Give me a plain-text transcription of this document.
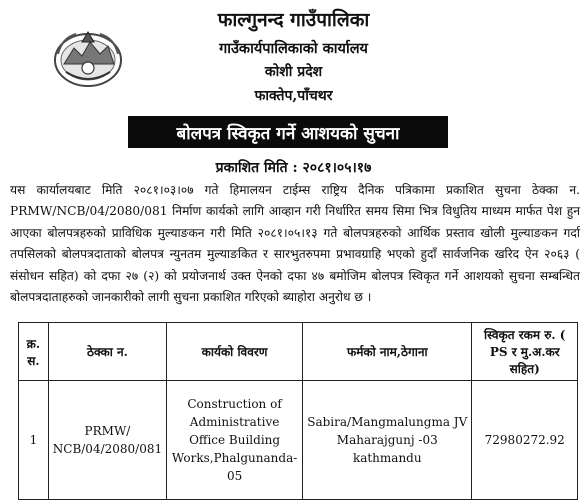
फाल्गुनन्द गाउँपालिका
गाउँकार्यपालिकाको कार्यालय
कोशी प्रदेश
फाक्तेप,पाँचथर
बोलपत्र स्विकृत गर्ने आशयको सुचना
प्रकाशित मिति : २०८१।०५।१७

यस कार्यालयबाट मिति २०८१।०३।०७ गते हिमालयन टाईम्स राष्ट्रिय दैनिक पत्रिकामा प्रकाशित सुचना ठेक्का न. PRMW/NCB/04/2080/081 निर्माण कार्यको लागि आव्हान गरी निर्धारित समय सिमा भित्र विधुतिय माध्यम मार्फत पेश हुन आएका बोलपत्रहरुको प्राविधिक मुल्याङकन गरी मिति २०८१।०५।१३ गते बोलपत्रहरुको आर्थिक प्रस्ताव खोली मुल्याङकन गर्दा तपसिलको बोलपत्रदाताको बोलपत्र न्युनतम मुल्याङकित र सारभुतरुपमा प्रभावग्राहि भएको हुदाँ सार्वजनिक खरिद ऐन २०६३ ( संसोधन सहित) को दफा २७ (२) को प्रयोजनार्थ उक्त ऐनको दफा ४७ बमोजिम बोलपत्र स्विकृत गर्ने आशयको सुचना सम्बन्धित बोलपत्रदाताहरुको जानकारीको लागी सुचना प्रकाशित गरिएको ब्याहोरा अनुरोध छ ।

क्र. स.	ठेक्का न.	कार्यको विवरण	फर्मको नाम,ठेगाना	स्विकृत रकम रु. ( PS र मु.अ.कर सहित)
1	PRMW/ NCB/04/2080/081	Construction of Administrative Office Building Works,Phalgunanda-05	Sabira/Mangmalungma JV Maharajgunj -03 kathmandu	72980272.92
